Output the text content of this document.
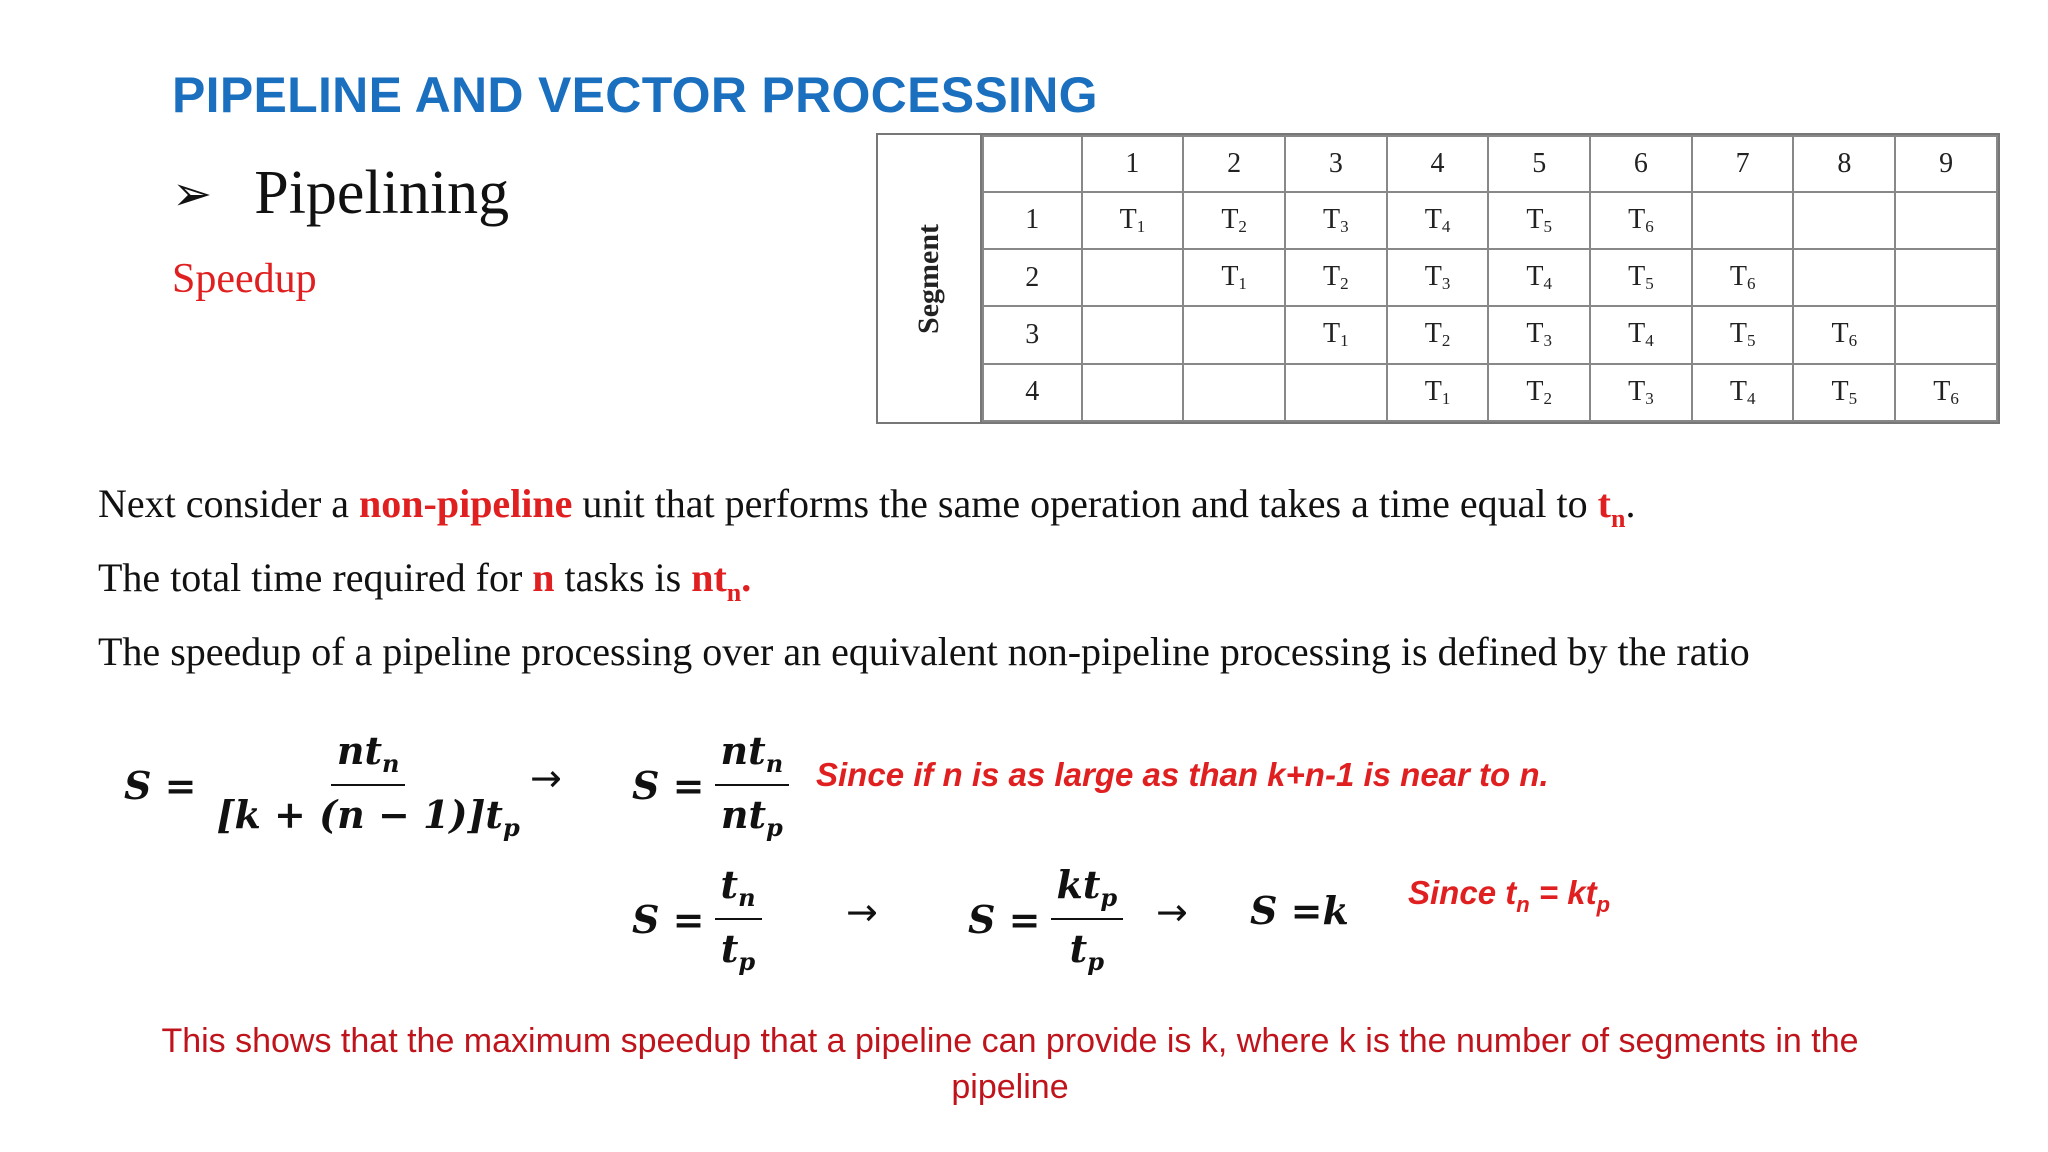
PIPELINE AND VECTOR PROCESSING
➢ Pipelining
Speedup	Segment
	1	2	3	4	5	6	7	8	9
1	T1	T2	T3	T4	T5	T6			
2		T1	T2	T3	T4	T5	T6		
3			T1	T2	T3	T4	T5	T6	
4				T1	T2	T3	T4	T5	T6
Next consider a non-pipeline unit that performs the same operation and takes a time equal to $t_n$.
The total time required for n tasks is $nt_n$.
The speedup of a pipeline processing over an equivalent non-pipeline processing is defined by the ratio
$S = \frac{nt_n}{[k + (n - 1)]t_p} \to S = \frac{nt_n}{nt_p}$ Since if n is as large as than k+n-1 is near to n.
$S = \frac{t_n}{t_p} \to S = \frac{kt_p}{t_p} \to S =k$ Since $t_n = kt_p$
This shows that the maximum speedup that a pipeline can provide is k, where k is the number of segments in the
pipeline
